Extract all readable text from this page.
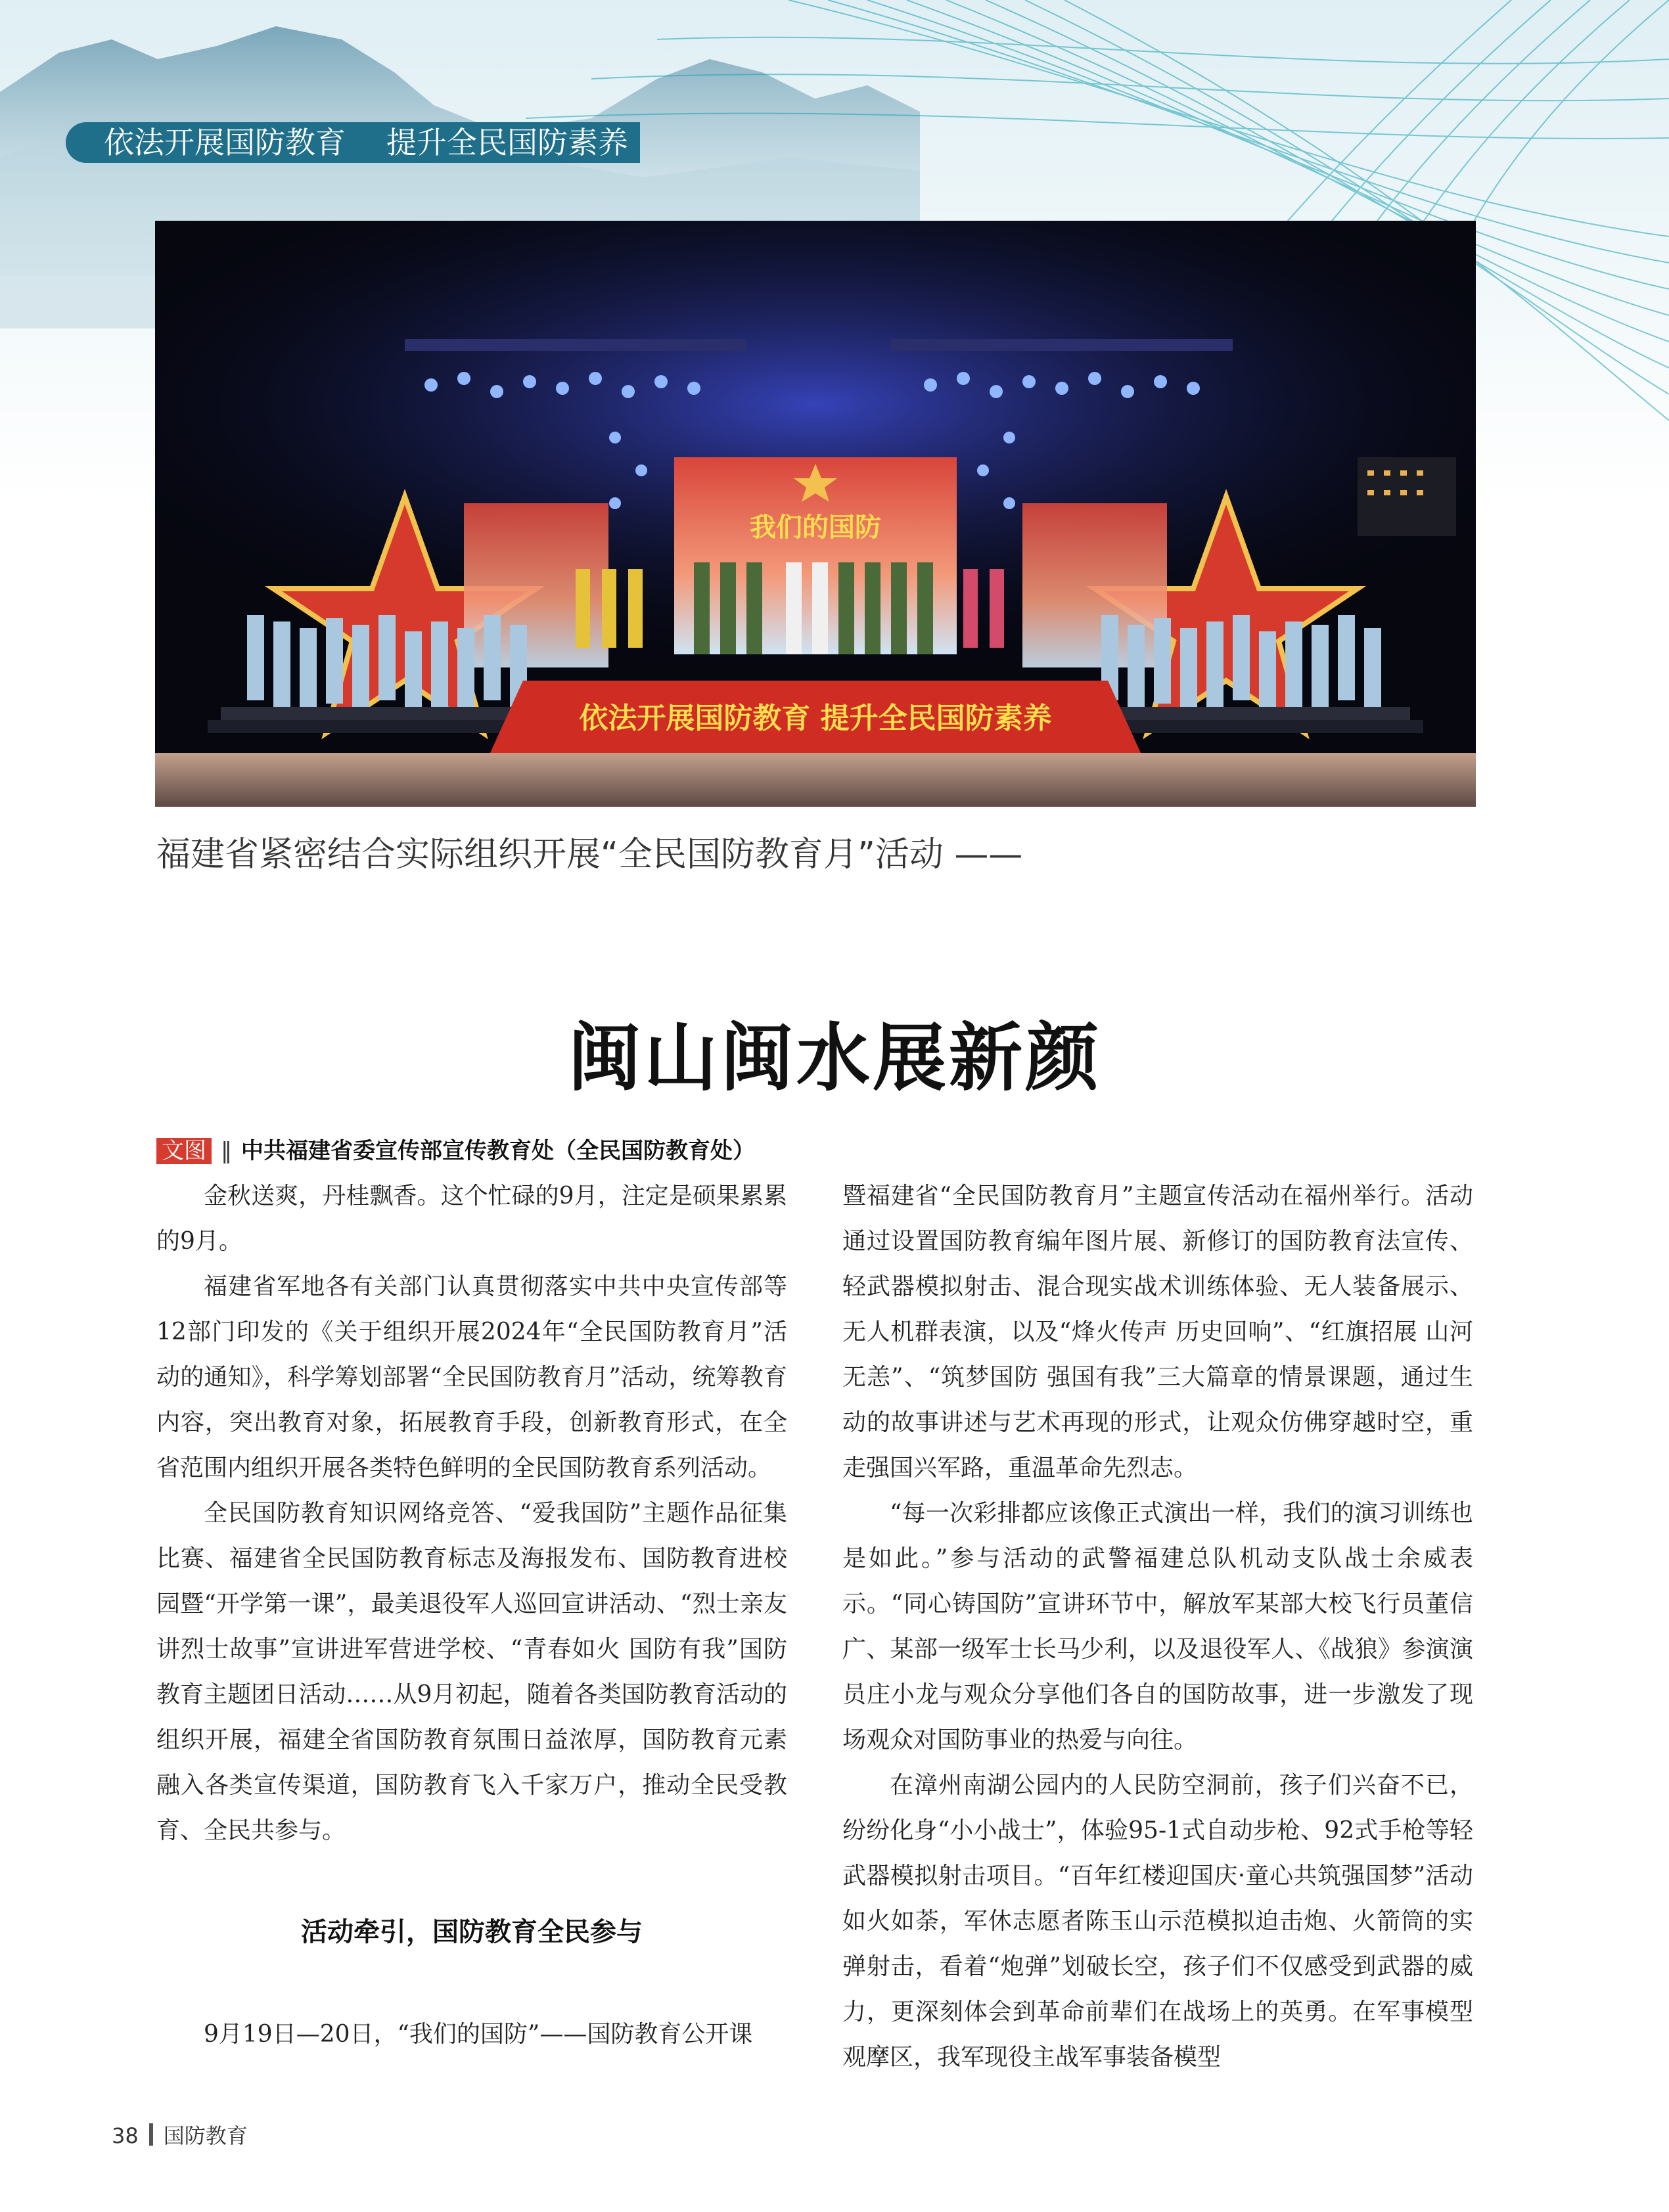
依法开展国防教育 提升全民国防素养
我们的国防
依法开展国防教育 提升全民国防素养
福建省紧密结合实际组织开展“全民国防教育月”活动 ——
闽山闽水展新颜
文图 ‖ 中共福建省委宣传部宣传教育处（全民国防教育处）

金秋送爽，丹桂飘香。这个忙碌的9月，注定是硕果累累的9月。

福建省军地各有关部门认真贯彻落实中共中央宣传部等12部门印发的《关于组织开展2024年“全民国防教育月”活动的通知》，科学筹划部署“全民国防教育月”活动，统筹教育内容，突出教育对象，拓展教育手段，创新教育形式，在全省范围内组织开展各类特色鲜明的全民国防教育系列活动。

全民国防教育知识网络竞答、“爱我国防”主题作品征集比赛、福建省全民国防教育标志及海报发布、国防教育进校园暨“开学第一课”，最美退役军人巡回宣讲活动、“烈士亲友讲烈士故事”宣讲进军营进学校、“青春如火 国防有我”国防教育主题团日活动……从9月初起，随着各类国防教育活动的组织开展，福建全省国防教育氛围日益浓厚，国防教育元素融入各类宣传渠道，国防教育飞入千家万户，推动全民受教育、全民共参与。

活动牵引，国防教育全民参与

9月19日—20日，“我们的国防”——国防教育公开课

暨福建省“全民国防教育月”主题宣传活动在福州举行。活动通过设置国防教育编年图片展、新修订的国防教育法宣传、轻武器模拟射击、混合现实战术训练体验、无人装备展示、无人机群表演，以及“烽火传声 历史回响”、“红旗招展 山河无恙”、“筑梦国防 强国有我”三大篇章的情景课题，通过生动的故事讲述与艺术再现的形式，让观众仿佛穿越时空，重走强国兴军路，重温革命先烈志。

“每一次彩排都应该像正式演出一样，我们的演习训练也是如此。”参与活动的武警福建总队机动支队战士余威表示。“同心铸国防”宣讲环节中，解放军某部大校飞行员董信广、某部一级军士长马少利，以及退役军人、《战狼》参演演员庄小龙与观众分享他们各自的国防故事，进一步激发了现场观众对国防事业的热爱与向往。

在漳州南湖公园内的人民防空洞前，孩子们兴奋不已，纷纷化身“小小战士”，体验95-1式自动步枪、92式手枪等轻武器模拟射击项目。“百年红楼迎国庆·童心共筑强国梦”活动如火如荼，军休志愿者陈玉山示范模拟迫击炮、火箭筒的实弹射击，看着“炮弹”划破长空，孩子们不仅感受到武器的威力，更深刻体会到革命前辈们在战场上的英勇。在军事模型观摩区，我军现役主战军事装备模型

38 国防教育
